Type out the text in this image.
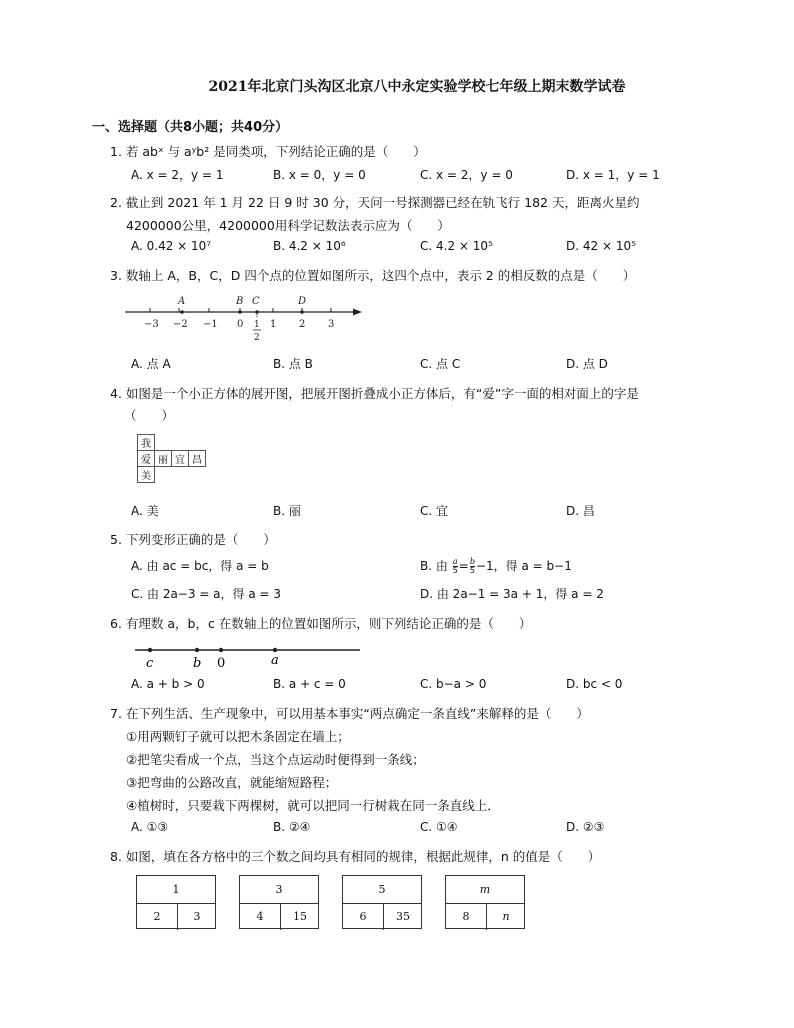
2021年北京门头沟区北京八中永定实验学校七年级上期末数学试卷
一、选择题（共8小题；共40分）
1. 若 abˣ 与 aʸb² 是同类项，下列结论正确的是（　　）
A. x = 2，y = 1	B. x = 0，y = 0	C. x = 2，y = 0	D. x = 1，y = 1
2. 截止到 2021 年 1 月 22 日 9 时 30 分，天问一号探测器已经在轨飞行 182 天，距离火星约
4200000公里，4200000用科学记数法表示应为（　　）
A. 0.42 × 10⁷	B. 4.2 × 10⁶	C. 4.2 × 10⁵	D. 42 × 10⁵
3. 数轴上 A，B，C，D 四个点的位置如图所示，这四个点中，表示 2 的相反数的点是（　　）
−3 −2 −1 0	1 2 3
A	B C	D
1
2
A. 点 A	B. 点 B	C. 点 C	D. 点 D
4. 如图是一个小正方体的展开图，把展开图折叠成小正方体后，有“爱”字一面的相对面上的字是
（　　）
我			
爱	丽	宜	昌
美			
A. 美	B. 丽	C. 宜	D. 昌
5. 下列变形正确的是（　　）
A. 由 ac = bc，得 a = b	B. 由 $\frac{a}{5} = \frac{b}{5} -1$，得 a = b−1
C. 由 2a−3 = a，得 a = 3	D. 由 2a−1 = 3a + 1，得 a = 2
6. 有理数 a，b，c 在数轴上的位置如图所示，则下列结论正确的是（　　）
c	b 0	a
A. a + b > 0	B. a + c = 0	C. b−a > 0	D. bc < 0
7. 在下列生活、生产现象中，可以用基本事实“两点确定一条直线”来解释的是（　　）
①用两颗钉子就可以把木条固定在墙上；
②把笔尖看成一个点，当这个点运动时便得到一条线；
③把弯曲的公路改直，就能缩短路程；
④植树时，只要栽下两棵树，就可以把同一行树栽在同一条直线上．
A. ①③	B. ②④	C. ①④	D. ②③
8. 如图，填在各方格中的三个数之间均具有相同的规律，根据此规律，n 的值是（　　）
1
2	3
3
4	15
5
6	35
m
8	n
